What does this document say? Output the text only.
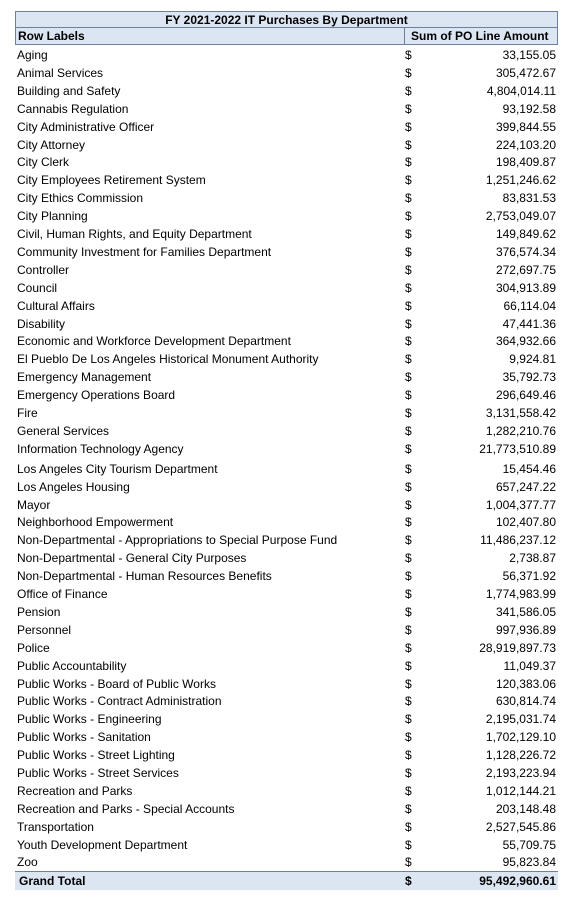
FY 2021-2022 IT Purchases By Department
Row Labels	Sum of PO Line Amount
Aging	$	33,155.05
Animal Services	$	305,472.67
Building and Safety	$	4,804,014.11
Cannabis Regulation	$	93,192.58
City Administrative Officer	$	399,844.55
City Attorney	$	224,103.20
City Clerk	$	198,409.87
City Employees Retirement System	$	1,251,246.62
City Ethics Commission	$	83,831.53
City Planning	$	2,753,049.07
Civil, Human Rights, and Equity Department	$	149,849.62
Community Investment for Families Department	$	376,574.34
Controller	$	272,697.75
Council	$	304,913.89
Cultural Affairs	$	66,114.04
Disability	$	47,441.36
Economic and Workforce Development Department	$	364,932.66
El Pueblo De Los Angeles Historical Monument Authority	$	9,924.81
Emergency Management	$	35,792.73
Emergency Operations Board	$	296,649.46
Fire	$	3,131,558.42
General Services	$	1,282,210.76
Information Technology Agency	$	21,773,510.89
Los Angeles City Tourism Department	$	15,454.46
Los Angeles Housing	$	657,247.22
Mayor	$	1,004,377.77
Neighborhood Empowerment	$	102,407.80
Non-Departmental - Appropriations to Special Purpose Fund	$	11,486,237.12
Non-Departmental - General City Purposes	$	2,738.87
Non-Departmental - Human Resources Benefits	$	56,371.92
Office of Finance	$	1,774,983.99
Pension	$	341,586.05
Personnel	$	997,936.89
Police	$	28,919,897.73
Public Accountability	$	11,049.37
Public Works - Board of Public Works	$	120,383.06
Public Works - Contract Administration	$	630,814.74
Public Works - Engineering	$	2,195,031.74
Public Works - Sanitation	$	1,702,129.10
Public Works - Street Lighting	$	1,128,226.72
Public Works - Street Services	$	2,193,223.94
Recreation and Parks	$	1,012,144.21
Recreation and Parks - Special Accounts	$	203,148.48
Transportation	$	2,527,545.86
Youth Development Department	$	55,709.75
Zoo	$	95,823.84
Grand Total	$	95,492,960.61
